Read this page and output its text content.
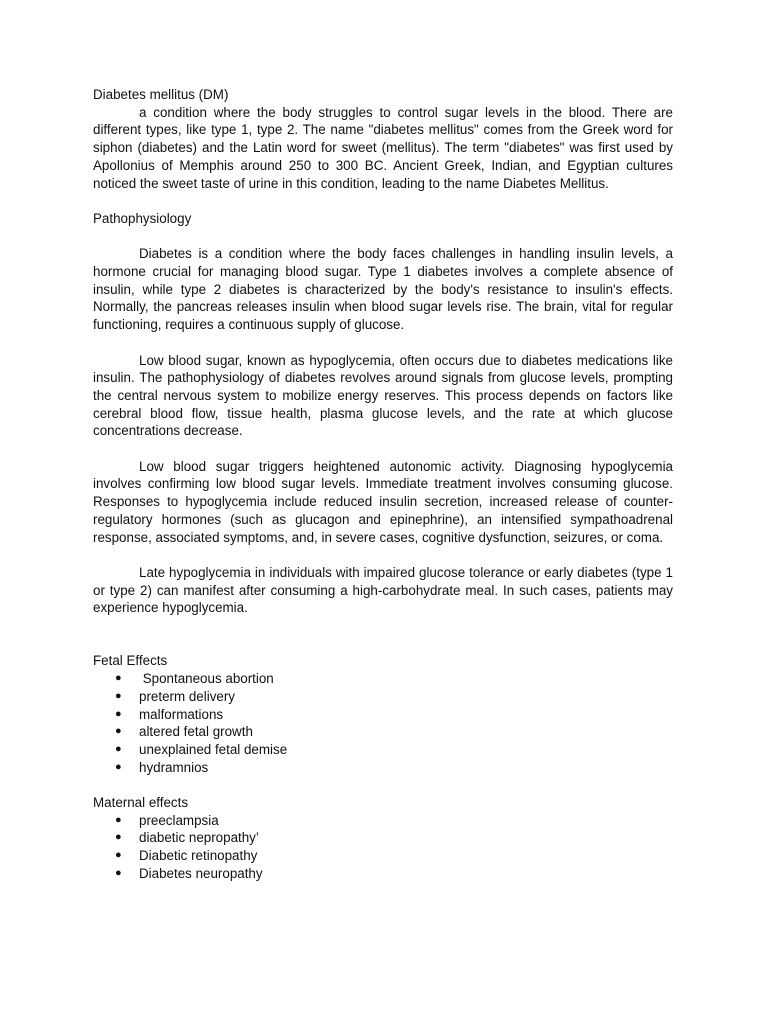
Diabetes mellitus (DM)

a condition where the body struggles to control sugar levels in the blood. There are different types, like type 1, type 2. The name "diabetes mellitus" comes from the Greek word for siphon (diabetes) and the Latin word for sweet (mellitus). The term "diabetes" was first used by Apollonius of Memphis around 250 to 300 BC. Ancient Greek, Indian, and Egyptian cultures noticed the sweet taste of urine in this condition, leading to the name Diabetes Mellitus.

Pathophysiology

Diabetes is a condition where the body faces challenges in handling insulin levels, a hormone crucial for managing blood sugar. Type 1 diabetes involves a complete absence of insulin, while type 2 diabetes is characterized by the body's resistance to insulin's effects. Normally, the pancreas releases insulin when blood sugar levels rise. The brain, vital for regular functioning, requires a continuous supply of glucose.

Low blood sugar, known as hypoglycemia, often occurs due to diabetes medications like insulin. The pathophysiology of diabetes revolves around signals from glucose levels, prompting the central nervous system to mobilize energy reserves. This process depends on factors like cerebral blood flow, tissue health, plasma glucose levels, and the rate at which glucose concentrations decrease.

Low blood sugar triggers heightened autonomic activity. Diagnosing hypoglycemia involves confirming low blood sugar levels. Immediate treatment involves consuming glucose. Responses to hypoglycemia include reduced insulin secretion, increased release of counter-regulatory hormones (such as glucagon and epinephrine), an intensified sympathoadrenal response, associated symptoms, and, in severe cases, cognitive dysfunction, seizures, or coma.

Late hypoglycemia in individuals with impaired glucose tolerance or early diabetes (type 1 or type 2) can manifest after consuming a high-carbohydrate meal. In such cases, patients may experience hypoglycemia.

Fetal Effects

● Spontaneous abortion
● preterm delivery
● malformations
● altered fetal growth
● unexplained fetal demise
● hydramnios

Maternal effects

● preeclampsia
● diabetic nepropathy’
● Diabetic retinopathy
● Diabetes neuropathy
